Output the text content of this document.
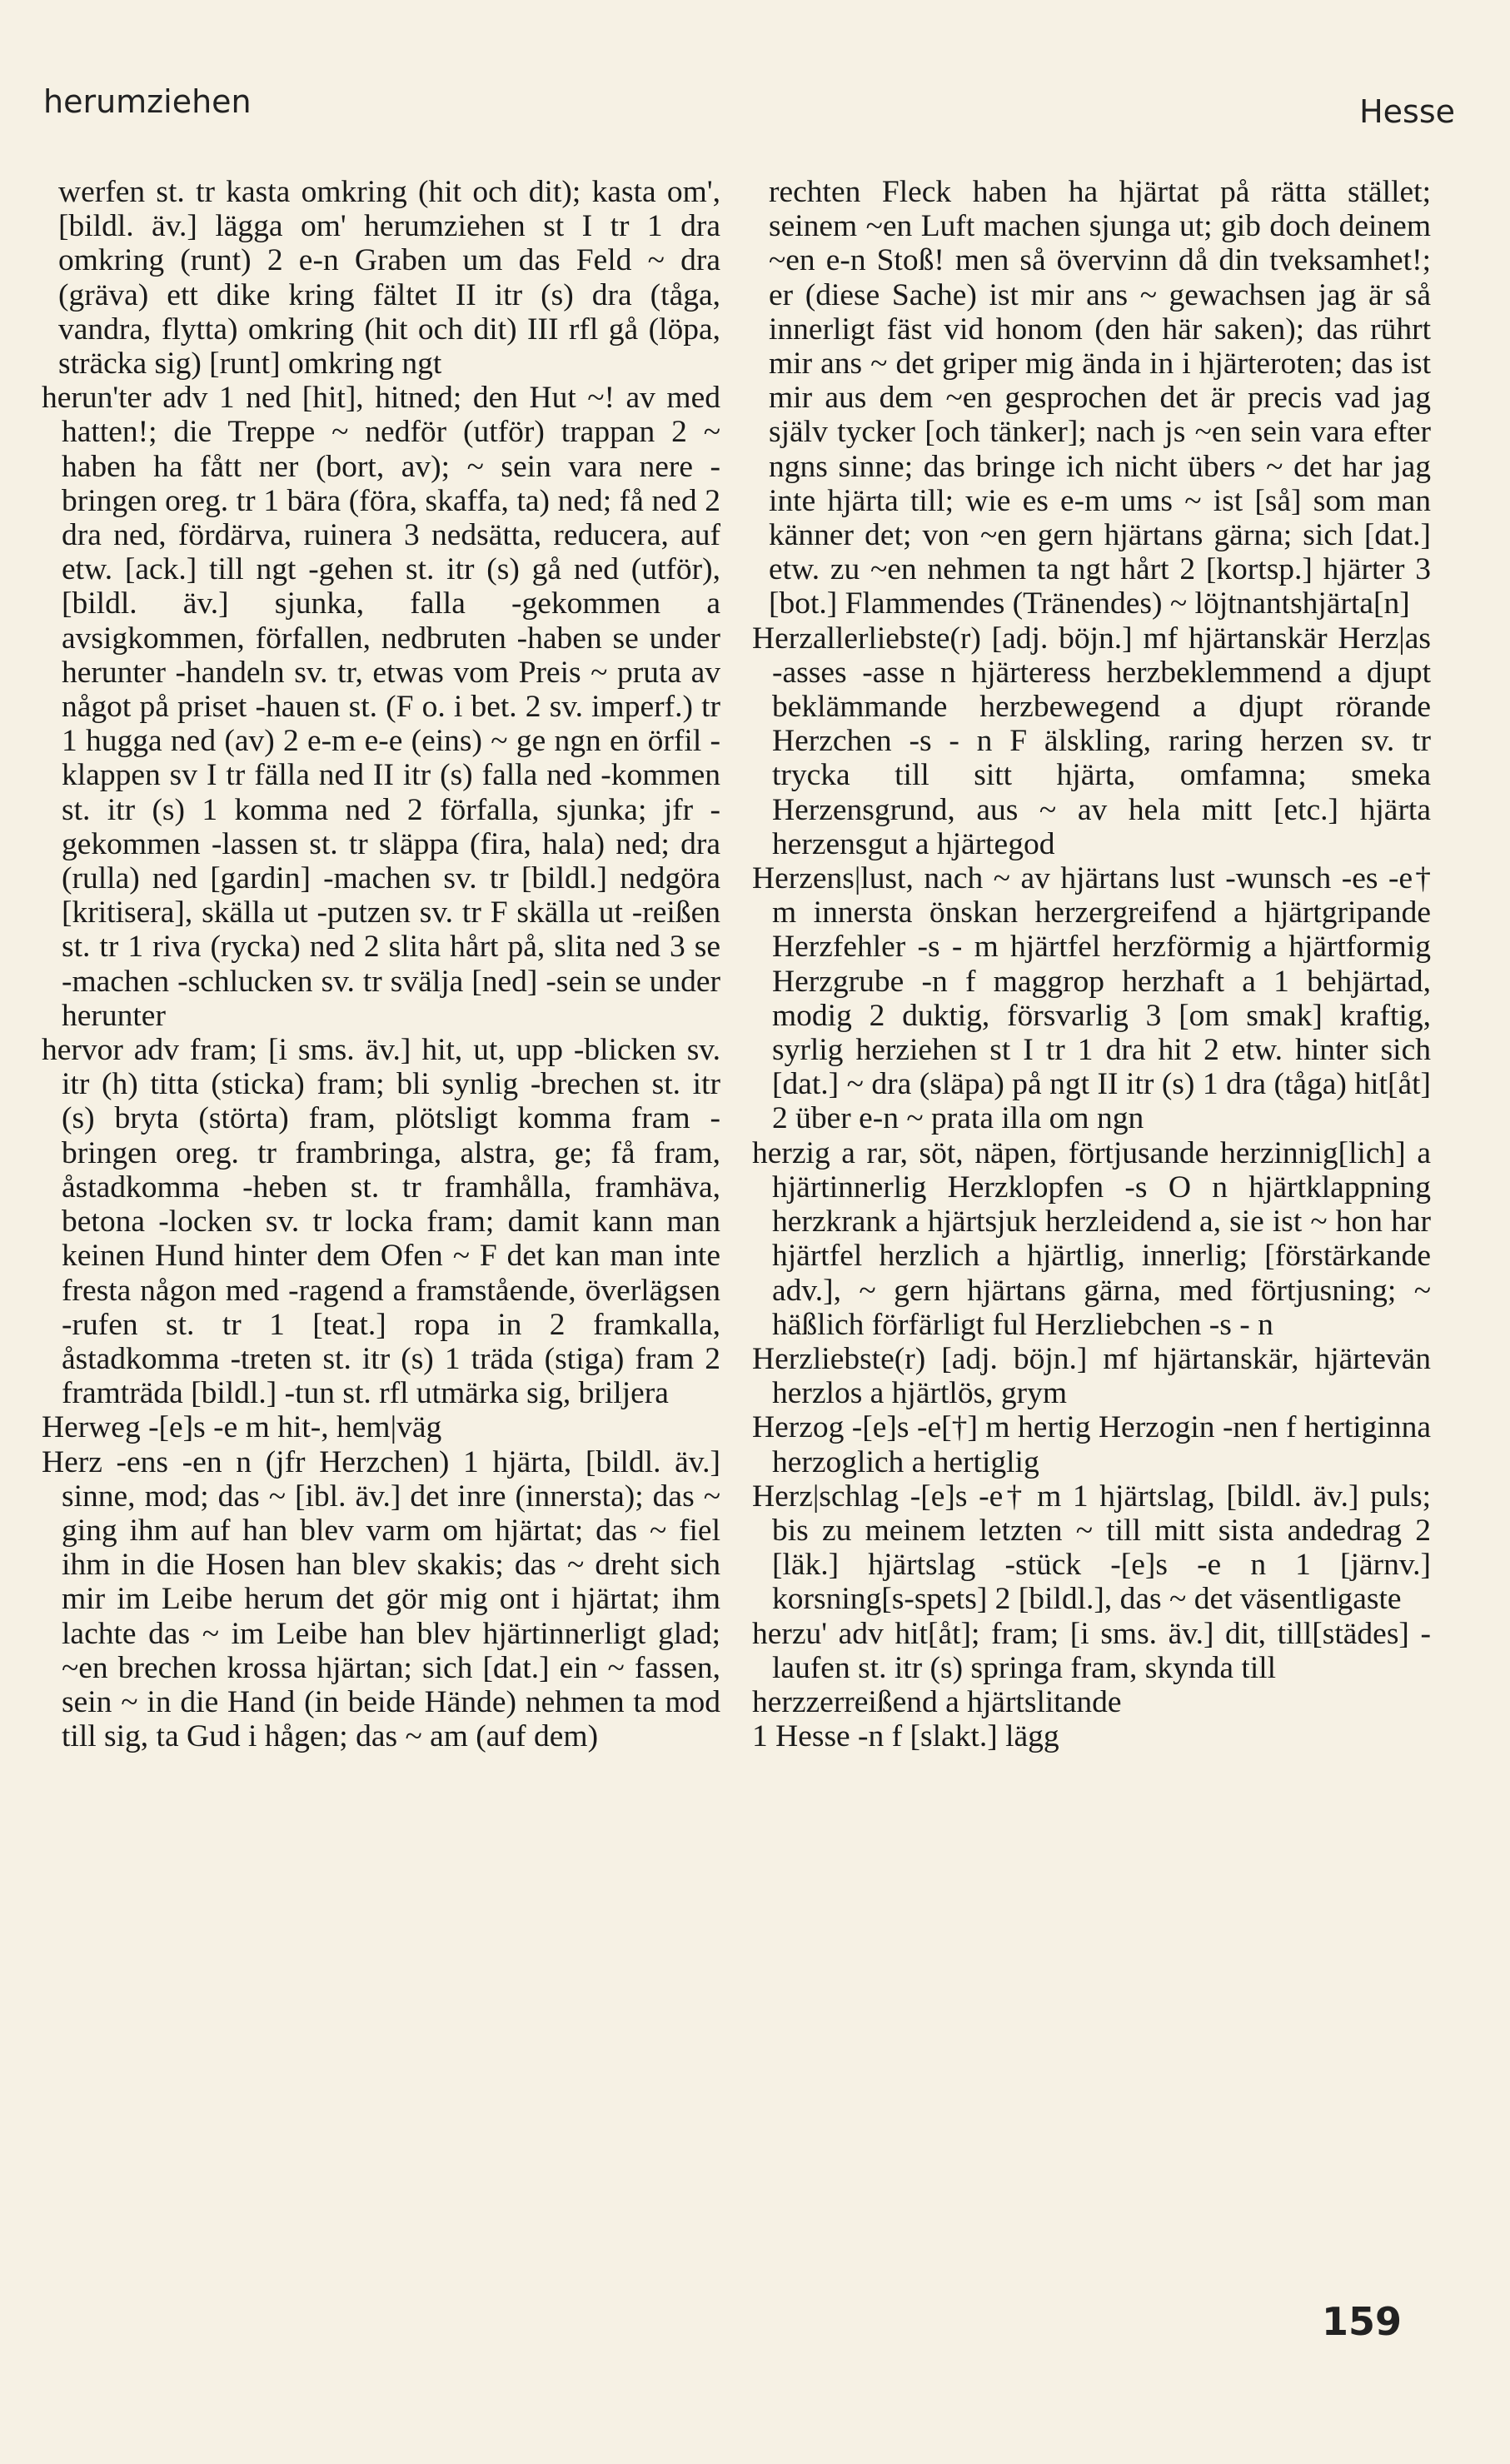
herumziehen	Hesse

werfen st. tr kasta omkring (hit och dit); kasta om', [bildl. äv.] lägga om' herumziehen st I tr 1 dra omkring (runt) 2 e-n Graben um das Feld ~ dra (gräva) ett dike kring fältet II itr (s) dra (tåga, vandra, flytta) omkring (hit och dit) III rfl gå (löpa, sträcka sig) [runt] omkring ngt

herun'ter adv 1 ned [hit], hitned; den Hut ~! av med hatten!; die Treppe ~ nedför (utför) trappan 2 ~ haben ha fått ner (bort, av); ~ sein vara nere -bringen oreg. tr 1 bära (föra, skaffa, ta) ned; få ned 2 dra ned, fördärva, ruinera 3 nedsätta, reducera, auf etw. [ack.] till ngt -gehen st. itr (s) gå ned (utför), [bildl. äv.] sjunka, falla -gekommen a avsigkommen, förfallen, nedbruten -haben se under herunter -handeln sv. tr, etwas vom Preis ~ pruta av något på priset -hauen st. (F o. i bet. 2 sv. imperf.) tr 1 hugga ned (av) 2 e-m e-e (eins) ~ ge ngn en örfil -klappen sv I tr fälla ned II itr (s) falla ned -kommen st. itr (s) 1 komma ned 2 förfalla, sjunka; jfr -gekommen -lassen st. tr släppa (fira, hala) ned; dra (rulla) ned [gardin] -machen sv. tr [bildl.] nedgöra [kritisera], skälla ut -putzen sv. tr F skälla ut -reißen st. tr 1 riva (rycka) ned 2 slita hårt på, slita ned 3 se -machen -schlucken sv. tr svälja [ned] -sein se under herunter

hervor adv fram; [i sms. äv.] hit, ut, upp -blicken sv. itr (h) titta (sticka) fram; bli synlig -brechen st. itr (s) bryta (störta) fram, plötsligt komma fram -bringen oreg. tr frambringa, alstra, ge; få fram, åstadkomma -heben st. tr framhålla, framhäva, betona -locken sv. tr locka fram; damit kann man keinen Hund hinter dem Ofen ~ F det kan man inte fresta någon med -ragend a framstående, överlägsen -rufen st. tr 1 [teat.] ropa in 2 framkalla, åstadkomma -treten st. itr (s) 1 träda (stiga) fram 2 framträda [bildl.] -tun st. rfl utmärka sig, briljera

Herweg -[e]s -e m hit-, hem|väg

Herz -ens -en n (jfr Herzchen) 1 hjärta, [bildl. äv.] sinne, mod; das ~ [ibl. äv.] det inre (innersta); das ~ ging ihm auf han blev varm om hjärtat; das ~ fiel ihm in die Hosen han blev skakis; das ~ dreht sich mir im Leibe herum det gör mig ont i hjärtat; ihm lachte das ~ im Leibe han blev hjärtinnerligt glad; ~en brechen krossa hjärtan; sich [dat.] ein ~ fassen, sein ~ in die Hand (in beide Hände) nehmen ta mod till sig, ta Gud i hågen; das ~ am (auf dem)

rechten Fleck haben ha hjärtat på rätta stället; seinem ~en Luft machen sjunga ut; gib doch deinem ~en e-n Stoß! men så övervinn då din tveksamhet!; er (diese Sache) ist mir ans ~ gewachsen jag är så innerligt fäst vid honom (den här saken); das rührt mir ans ~ det griper mig ända in i hjärteroten; das ist mir aus dem ~en gesprochen det är precis vad jag själv tycker [och tänker]; nach js ~en sein vara efter ngns sinne; das bringe ich nicht übers ~ det har jag inte hjärta till; wie es e-m ums ~ ist [så] som man känner det; von ~en gern hjärtans gärna; sich [dat.] etw. zu ~en nehmen ta ngt hårt 2 [kortsp.] hjärter 3 [bot.] Flammendes (Tränendes) ~ löjtnantshjärta[n]

Herzallerliebste(r) [adj. böjn.] mf hjärtanskär Herz|as -asses -asse n hjärteress herzbeklemmend a djupt beklämmande herzbewegend a djupt rörande Herzchen -s - n F älskling, raring herzen sv. tr trycka till sitt hjärta, omfamna; smeka Herzensgrund, aus ~ av hela mitt [etc.] hjärta herzensgut a hjärtegod

Herzens|lust, nach ~ av hjärtans lust -wunsch -es -e† m innersta önskan herzergreifend a hjärtgripande Herzfehler -s - m hjärtfel herzförmig a hjärtformig Herzgrube -n f maggrop herzhaft a 1 behjärtad, modig 2 duktig, försvarlig 3 [om smak] kraftig, syrlig herziehen st I tr 1 dra hit 2 etw. hinter sich [dat.] ~ dra (släpa) på ngt II itr (s) 1 dra (tåga) hit[åt] 2 über e-n ~ prata illa om ngn

herzig a rar, söt, näpen, förtjusande herzinnig[lich] a hjärtinnerlig Herzklopfen -s O n hjärtklappning herzkrank a hjärtsjuk herzleidend a, sie ist ~ hon har hjärtfel herzlich a hjärtlig, innerlig; [förstärkande adv.], ~ gern hjärtans gärna, med förtjusning; ~ häßlich förfärligt ful Herzliebchen -s - n

Herzliebste(r) [adj. böjn.] mf hjärtanskär, hjärtevän herzlos a hjärtlös, grym

Herzog -[e]s -e[†] m hertig Herzogin -nen f hertiginna herzoglich a hertiglig

Herz|schlag -[e]s -e† m 1 hjärtslag, [bildl. äv.] puls; bis zu meinem letzten ~ till mitt sista andedrag 2 [läk.] hjärtslag -stück -[e]s -e n 1 [järnv.] korsning[s-spets] 2 [bildl.], das ~ det väsentligaste

herzu' adv hit[åt]; fram; [i sms. äv.] dit, till[städes] -laufen st. itr (s) springa fram, skynda till

herzzerreißend a hjärtslitande

1 Hesse -n f [slakt.] lägg

159
